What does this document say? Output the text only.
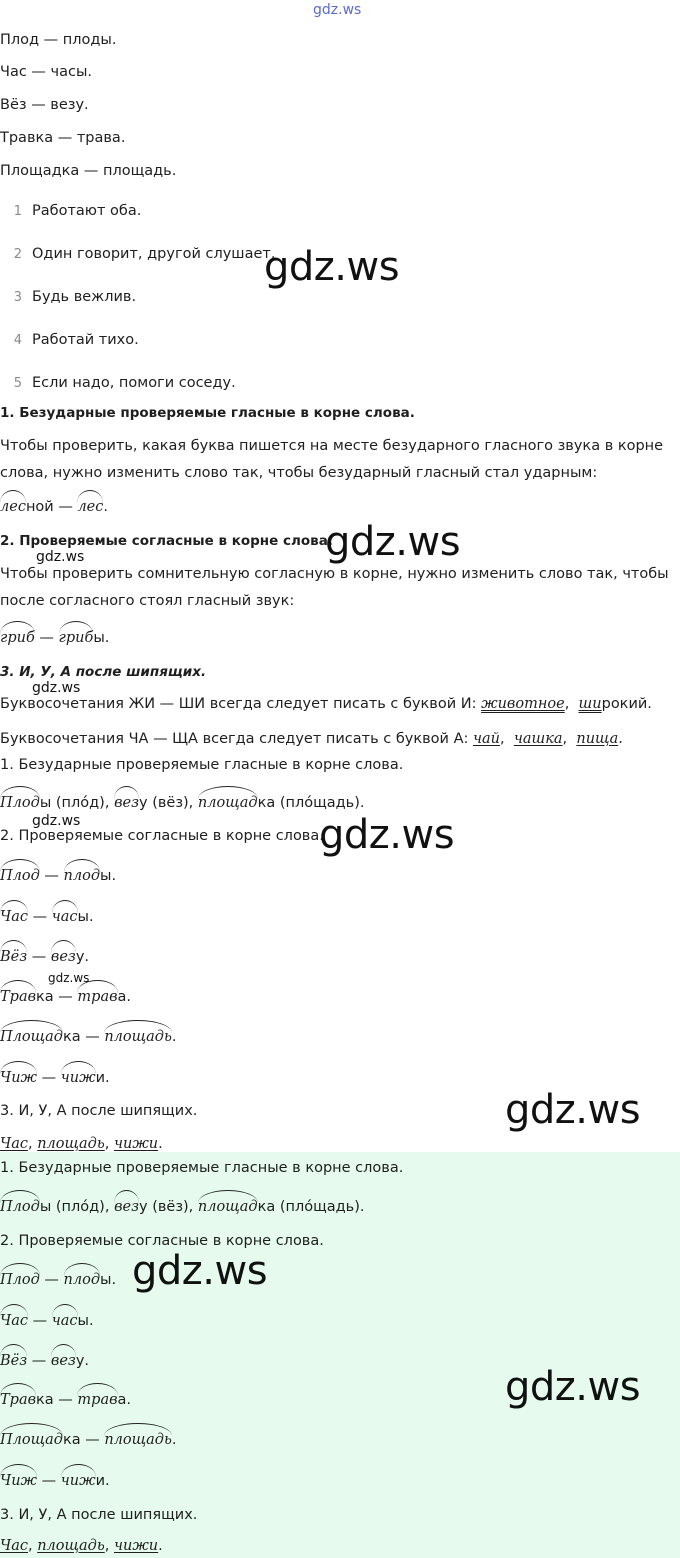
gdz.ws
Плод — плоды.
Час — часы.
Вёз — везу.
Травка — трава.
Площадка — площадь.
1 Работают оба.
2 Один говорит, другой слушает.
3 Будь вежлив.
4 Работай тихо.
5 Если надо, помоги соседу.
1. Безударные проверяемые гласные в корне слова.
Чтобы проверить, какая буква пишется на месте безударного гласного звука в корне слова, нужно изменить слово так, чтобы безударный гласный стал ударным:
лесной — лес.
2. Проверяемые согласные в корне слова.
Чтобы проверить сомнительную согласную в корне, нужно изменить слово так, чтобы после согласного стоял гласный звук:
гриб — грибы.
3. И, У, А после шипящих.
Буквосочетания ЖИ — ШИ всегда следует писать с буквой И: животное,  широкий.
Буквосочетания ЧА — ЩА всегда следует писать с буквой А: чай,  чашка,  пища.
1. Безударные проверяемые гласные в корне слова.
Плоды (плóд), везу (вёз), площадка (плóщадь).
2. Проверяемые согласные в корне слова.
Плод — плоды.
Час — часы.
Вёз — везу.
Травка — трава.
Площадка — площадь.
Чиж — чижи.
3. И, У, А после шипящих.
Час, площадь, чижи.
1. Безударные проверяемые гласные в корне слова.
Плоды (плóд), везу (вёз), площадка (плóщадь).
2. Проверяемые согласные в корне слова.
Плод — плоды.
Час — часы.
Вёз — везу.
Травка — трава.
Площадка — площадь.
Чиж — чижи.
3. И, У, А после шипящих.
Час, площадь, чижи.
gdz.ws
gdz.ws
gdz.ws
gdz.ws
gdz.ws	gdz.ws
gdz.ws
gdz.ws
gdz.ws
gdz.ws
